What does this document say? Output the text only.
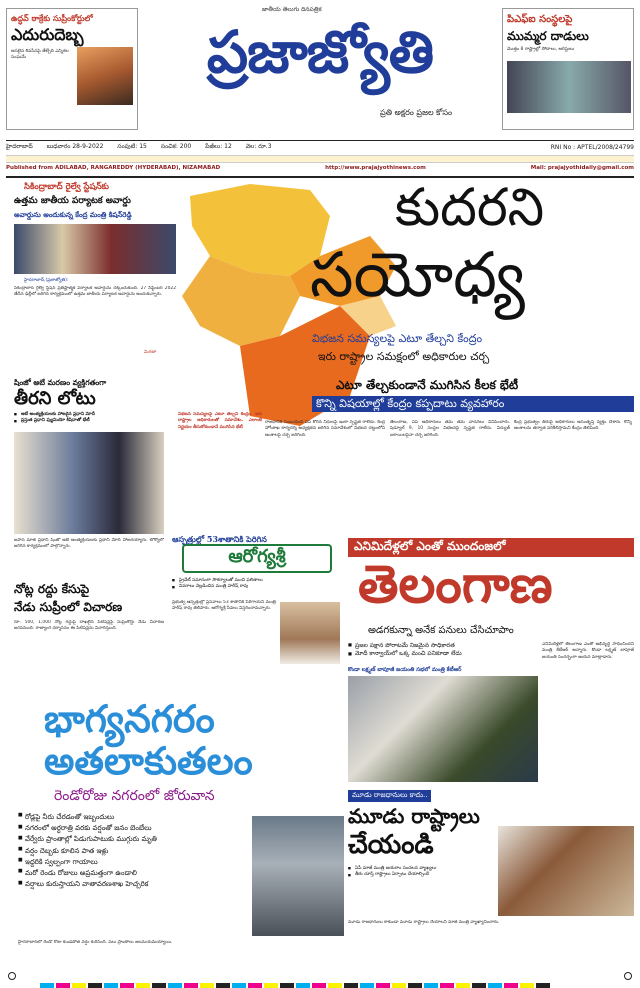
ఉద్ధవ్ ఠాక్రేకు సుప్రీంకోర్టులో
ఎదురుదెబ్బ
అసలైన శివసేనపై తేల్చేది ఎన్నికల సంఘమే
జాతీయ తెలుగు దినపత్రిక
ప్రజాజ్యోతి
ప్రతి అక్షరం ప్రజల కోసం
పిఎఫ్‌ఐ సంస్థలపై
ముమ్మర దాడులు
మొత్తం 8 రాష్ట్రాల్లో సోదాలు, అరెస్టులు
హైదరాబాద్ బుధవారం 28-9-2022 సంపుటి: 15 సంచిక: 200 పేజీలు: 12 వెల: రూ.3	RNI No : APTEL/2008/24799
Published from ADILABAD, RANGAREDDY (HYDERABAD), NIZAMABAD	http://www.prajajyothinews.com	Mail: prajajyothidaily@gmail.com
సికింద్రాబాద్ రైల్వే స్టేషన్‌కు
ఉత్తమ జాతీయ పర్యాటక అవార్డు
అవార్డును అందుకున్న కేంద్ర మంత్రి కిషన్‌రెడ్డి
హైదరాబాద్,(ప్రజాజ్యోతి):
సికింద్రాబాద్ రైల్వే స్టేషన్ ప్రతిష్టాత్మక పర్యాటక అవార్డును దక్కించుకుంది. 27 సెప్టెంబర్ 2022 తేదీన ఢిల్లీలో జరిగిన కార్యక్రమంలో ఉత్తమ జాతీయ పర్యాటక అవార్డును అందుకున్నారు.
మిగతా
కుదరని
సయోధ్య
విభజన సమస్యలపై ఎటూ తేల్చని కేంద్రం
ఇరు రాష్ట్రాల సమక్షంలో అధికారుల చర్చ
ఎటూ తేల్చకుండానే ముగిసిన కీలక భేటీ
కొన్ని విషయాల్లో కేంద్రం కప్పదాటు వ్యవహారం
విభజన సమస్యలపై ఎటూ తేల్చని కేంద్రం. ఇరు రాష్ట్రాల అధికారులతో సమావేశం. ఎలాంటి నిర్ణయం తీసుకోకుండానే ముగిసిన భేటీ
రాజధానికి సంబంధించి ఏపీ కోరిన నిధులపై ఇంకా స్పష్టత రాలేదు. కేంద్ర హోంశాఖ కార్యదర్శి అధ్యక్షతన జరిగిన సమావేశంలో విభజన చట్టంలోని అంశాలపై చర్చ జరిగింది.
తెలంగాణ, ఏపీ అధికారులు తమ తమ వాదనలు వినిపించారు. షెడ్యూల్ 9, 10 సంస్థల విభజనపై స్పష్టత రాలేదు. విద్యుత్ బకాయిలపైనా చర్చ జరిగింది.
కేంద్ర ప్రభుత్వం తీరుపై అధికారులు అసంతృప్తి వ్యక్తం చేశారు. కొన్ని అంశాలను తర్వాత పరిశీలిస్తామని కేంద్రం తెలిపింది.
షింజో అబే మరణం వ్యక్తిగతంగా
తీరని లోటు
■ అబే అంత్యక్రియలకు హాజరైన ప్రధాని మోదీ
■ ప్రస్తుత ప్రధాని ఫ్యుమియో కిషిదాతో భేటీ
జపాన్ మాజీ ప్రధాని షింజో అబే అంత్యక్రియలకు ప్రధాని మోదీ హాజరయ్యారు. టోక్యోలో జరిగిన కార్యక్రమంలో పాల్గొన్నారు.
ఆస్పత్రుల్లో 53శాతానికి పెరిగిన
ఆరోగ్యశ్రీ
■ ప్రైవేట్ సమానంగా సౌకర్యాలతో మంచి ఫలితాలు
■ వివరాలు వెల్లడించిన మంత్రి హరీష్ రావు
ప్రభుత్వ ఆస్పత్రుల్లో ప్రసవాలు 53 శాతానికి పెరిగాయని మంత్రి హరీష్ రావు తెలిపారు. ఆరోగ్యశ్రీ సేవలు విస్తరించామన్నారు.
నోట్ల రద్దు కేసుపై
నేడు సుప్రీంలో విచారణ
రూ. 500, 1,000 నోట్ల రద్దుపై దాఖలైన పిటిషన్లపై సుప్రీంకోర్టు నేడు విచారణ జరపనుంది. రాజ్యాంగ ధర్మాసనం ఈ పిటిషన్లను విచారిస్తుంది.
ఎనిమిదేళ్లలో ఎంతో ముందంజలో
తెలంగాణ
అడగకున్నా అనేక పనులు చేసిచూపాం
■ ప్రజల పక్షాన పోరాటమే నిజమైన సాధికారత
■ మోదీ కాన్వాయ్‌లో ఒక్క మంచి పనికూడా లేదు
కొండా లక్ష్మణ్ బాపూజీ జయంతి సభలో మంత్రి కేటీఆర్
ఎనిమిదేళ్లలో తెలంగాణ ఎంతో అభివృద్ధి సాధించిందని మంత్రి కేటీఆర్ అన్నారు. కొండా లక్ష్మణ్ బాపూజీ జయంతి సందర్భంగా ఆయన మాట్లాడారు.
భాగ్యనగరం
అతలాకుతలం
రెండోరోజు నగరంలో జోరువాన
■ రోడ్లపై నీరు చేరడంతో ఇబ్బందులు
■ నగరంలో అర్ధరాత్రి వరకు వర్షంతో జనం బెంబేలు
■ వేర్వేరు ప్రాంతాల్లో పిడుగుపాటుకు ముగ్గురు మృతి
■ వర్షం దెబ్బకు కూలిన పాత ఇళ్లు
■ ఇద్దరికి స్వల్పంగా గాయాలు
■ మరో రెండు రోజులు అప్రమత్తంగా ఉండాలి
■ వర్షాలు కురుస్తాయని వాతావరణశాఖ హెచ్చరిక
హైదరాబాద్‌లో రెండో రోజు కుండపోత వర్షం కురిసింది. పలు ప్రాంతాలు జలమయమయ్యాయి.
మూడు రాజధానులు కాదు..
మూడు రాష్ట్రాలు
చేయండి
■ ఏపీ మాజీ మంత్రి జయరాం సంచలన వ్యాఖ్యలు
■ తీరు చూస్తే రాష్ట్రాలు ఏర్పాటు చేయాల్సిందే
మూడు రాజధానులు కాకుండా మూడు రాష్ట్రాలు చేయాలని మాజీ మంత్రి వ్యాఖ్యానించారు.
